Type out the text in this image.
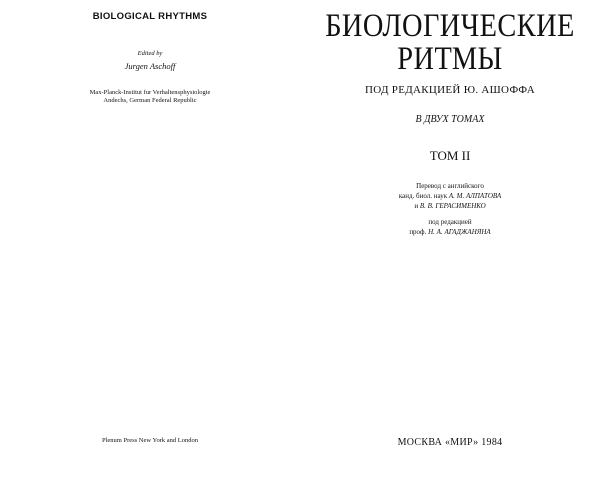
BIOLOGICAL RHYTHMS
Edited by
Jurgen Aschoff
Max-Planck-Institut fur Verhaltensphysiologie
Andechs, German Federal Republic
Plenum Press New York and London
БИОЛОГИЧЕСКИЕ
РИТМЫ
ПОД РЕДАКЦИЕЙ Ю. АШОФФА
В ДВУХ ТОМАХ
ТОМ II
Перевод с английского
канд. биол. наук А. М. АЛПАТОВА
и В. В. ГЕРАСИМЕНКО
под редакцией
проф. Н. А. АГАДЖАНЯНА
МОСКВА «МИР» 1984
